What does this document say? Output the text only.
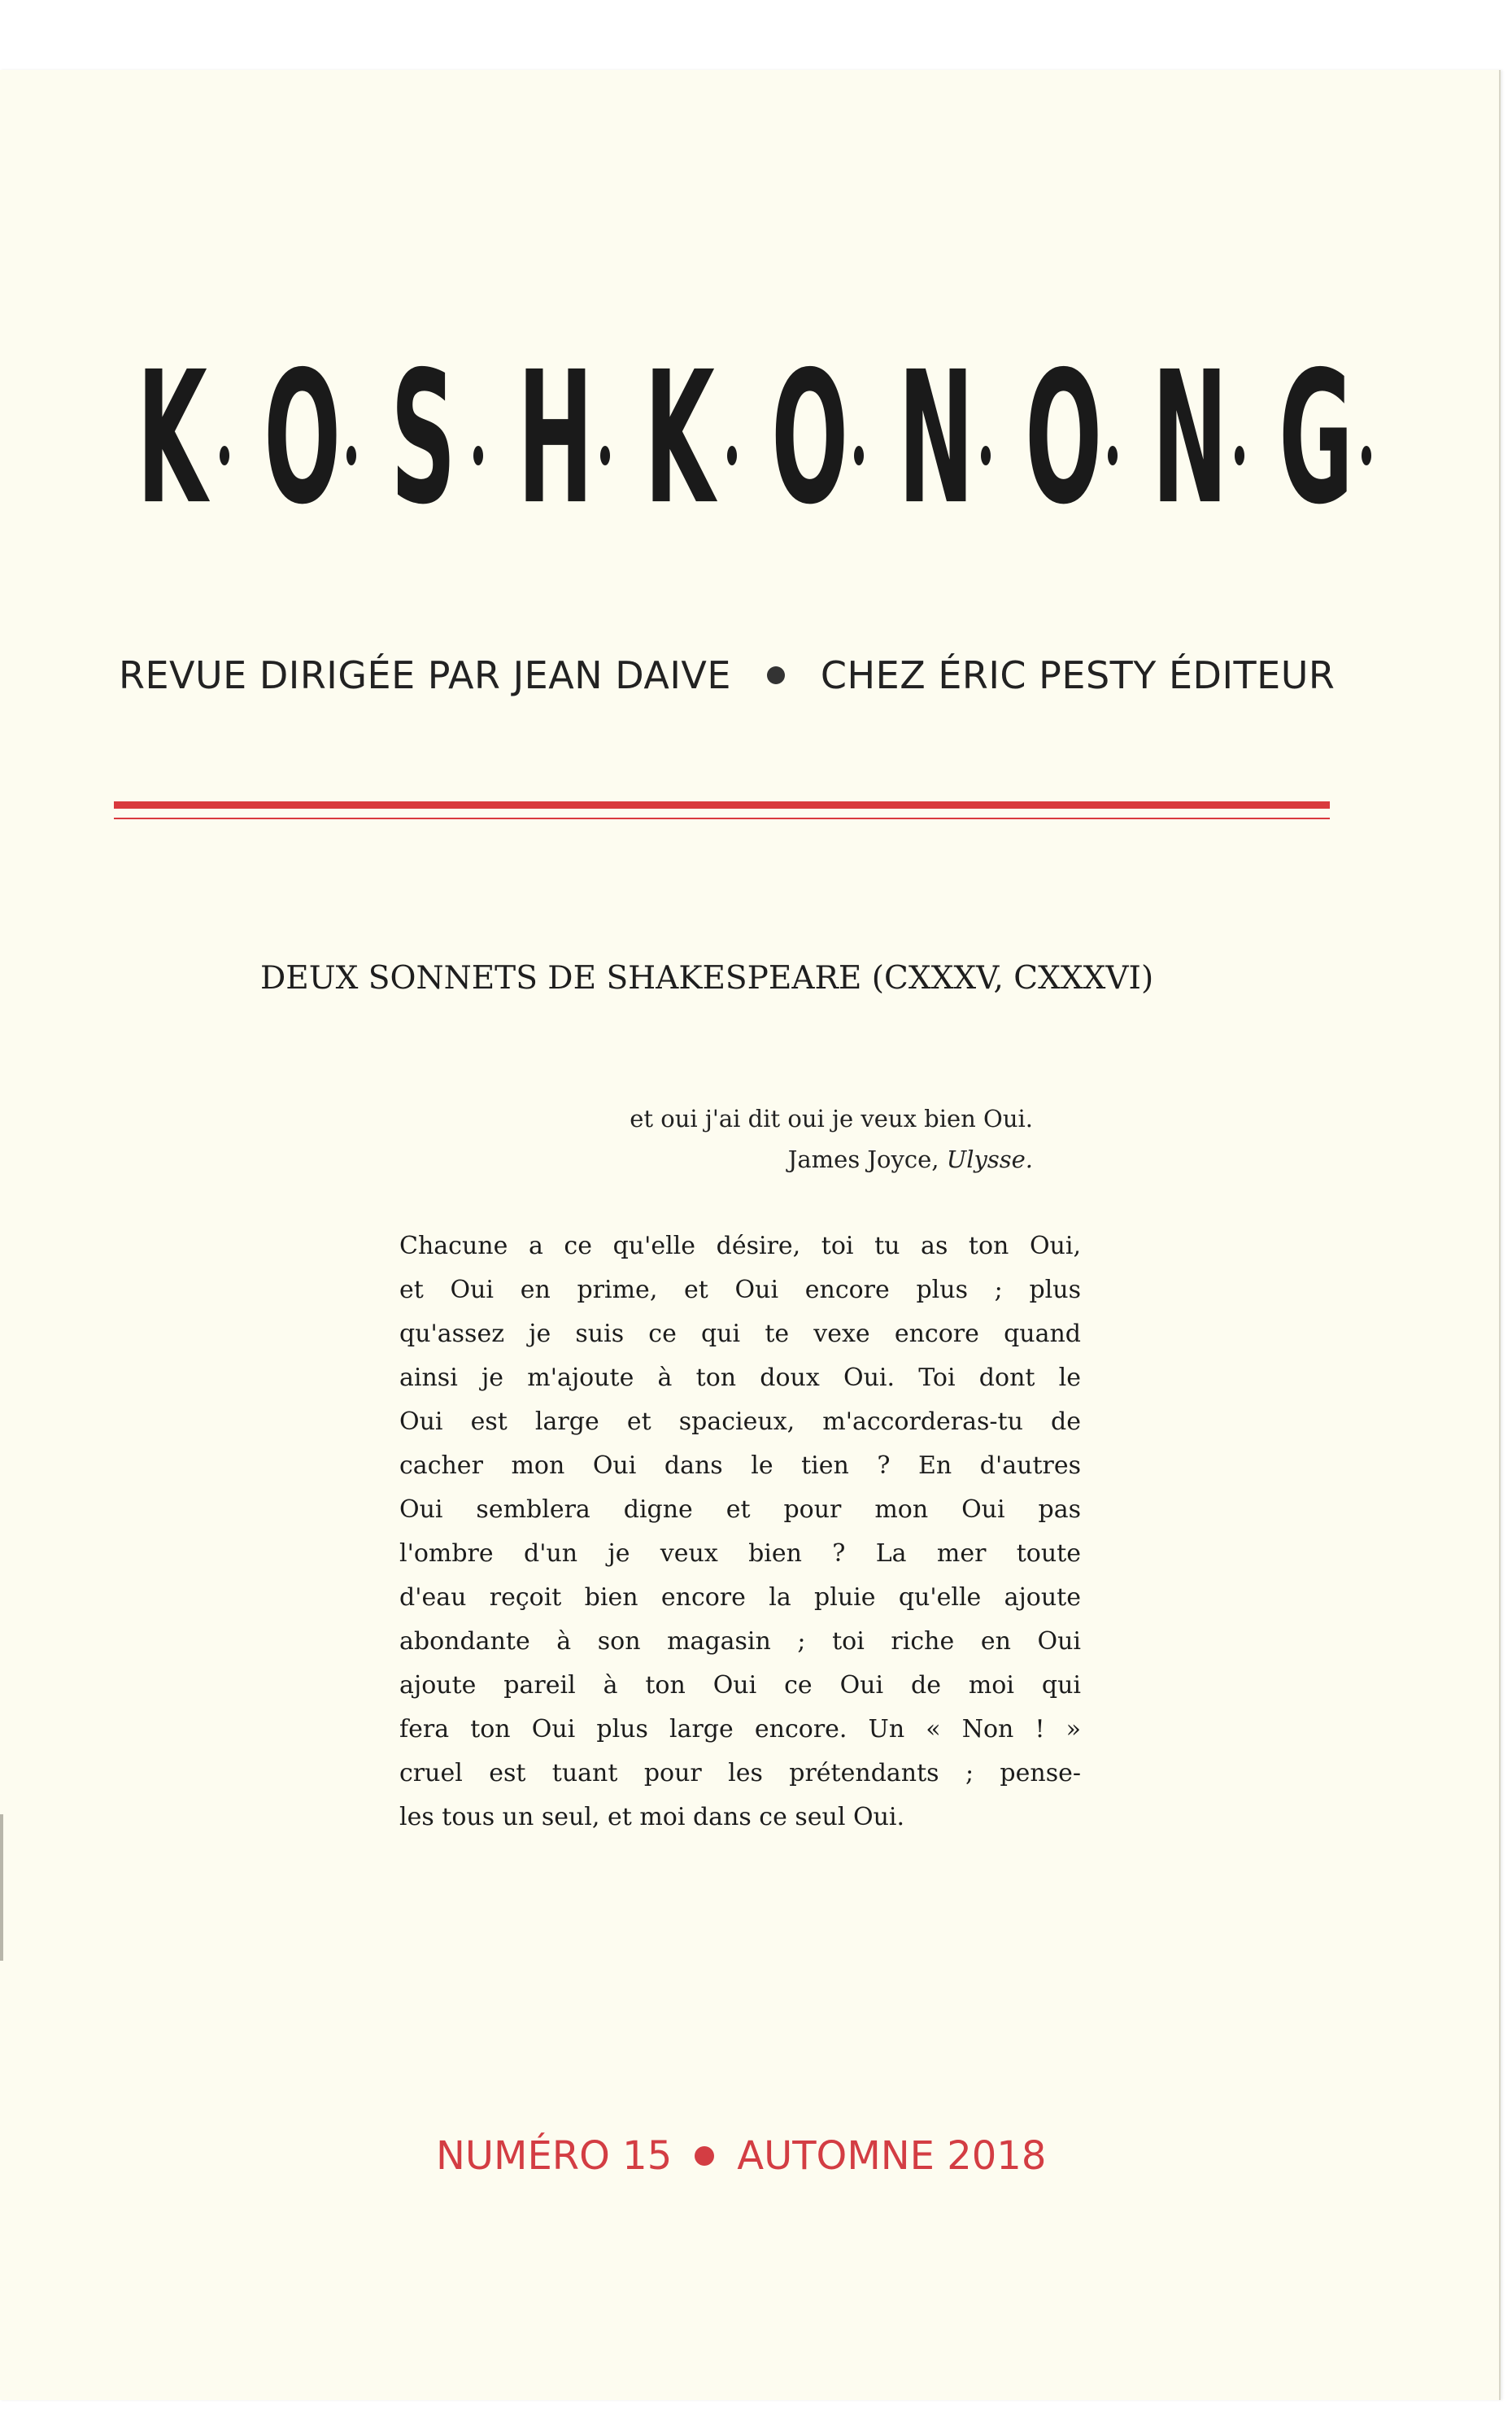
K O S H K O N O N G
REVUE DIRIGÉE PAR JEAN DAIVE CHEZ ÉRIC PESTY ÉDITEUR
DEUX SONNETS DE SHAKESPEARE (CXXXV, CXXXVI)
et oui j'ai dit oui je veux bien Oui.
James Joyce, Ulysse.
Chacune a ce qu'elle désire, toi tu as ton Oui,
et Oui en prime, et Oui encore plus ; plus
qu'assez je suis ce qui te vexe encore quand
ainsi je m'ajoute à ton doux Oui. Toi dont le
Oui est large et spacieux, m'accorderas-tu de
cacher mon Oui dans le tien ? En d'autres
Oui semblera digne et pour mon Oui pas
l'ombre d'un je veux bien ? La mer toute
d'eau reçoit bien encore la pluie qu'elle ajoute
abondante à son magasin ; toi riche en Oui
ajoute pareil à ton Oui ce Oui de moi qui
fera ton Oui plus large encore. Un « Non ! »
cruel est tuant pour les prétendants ; pense-
les tous un seul, et moi dans ce seul Oui.
NUMÉRO 15 AUTOMNE 2018
